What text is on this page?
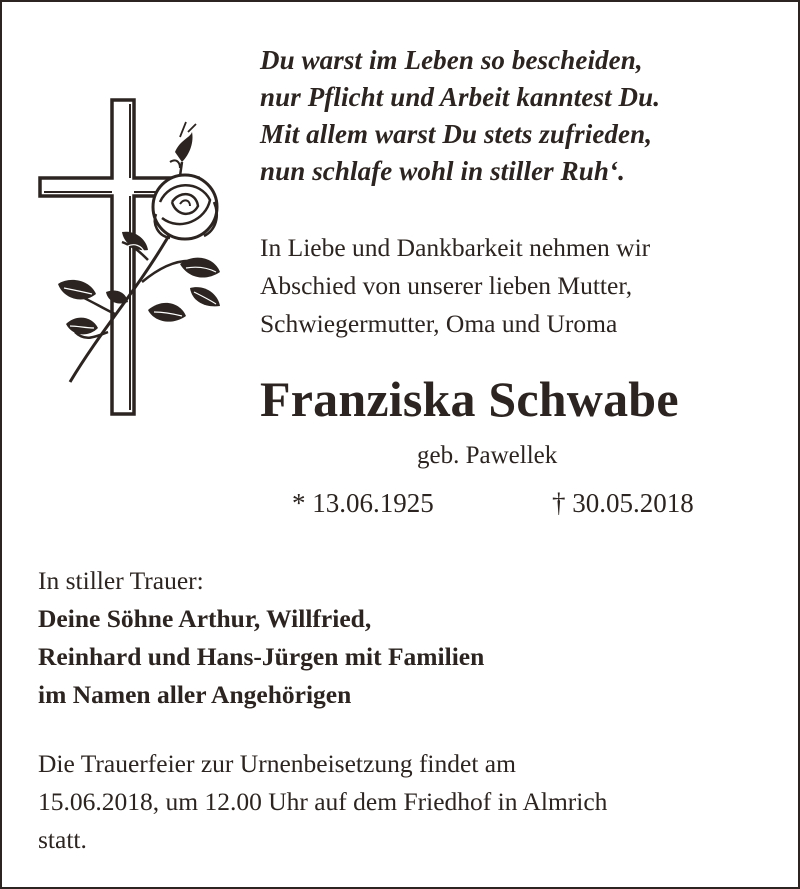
Du warst im Leben so bescheiden,
nur Pflicht und Arbeit kanntest Du.
Mit allem warst Du stets zufrieden,
nun schlafe wohl in stiller Ruh‘.
In Liebe und Dankbarkeit nehmen wir
Abschied von unserer lieben Mutter,
Schwiegermutter, Oma und Uroma
Franziska Schwabe
geb. Pawellek
* 13.06.1925	† 30.05.2018
In stiller Trauer:
Deine Söhne Arthur, Willfried,
Reinhard und Hans-Jürgen mit Familien
im Namen aller Angehörigen
Die Trauerfeier zur Urnenbeisetzung findet am
15.06.2018, um 12.00 Uhr auf dem Friedhof in Almrich
statt.
